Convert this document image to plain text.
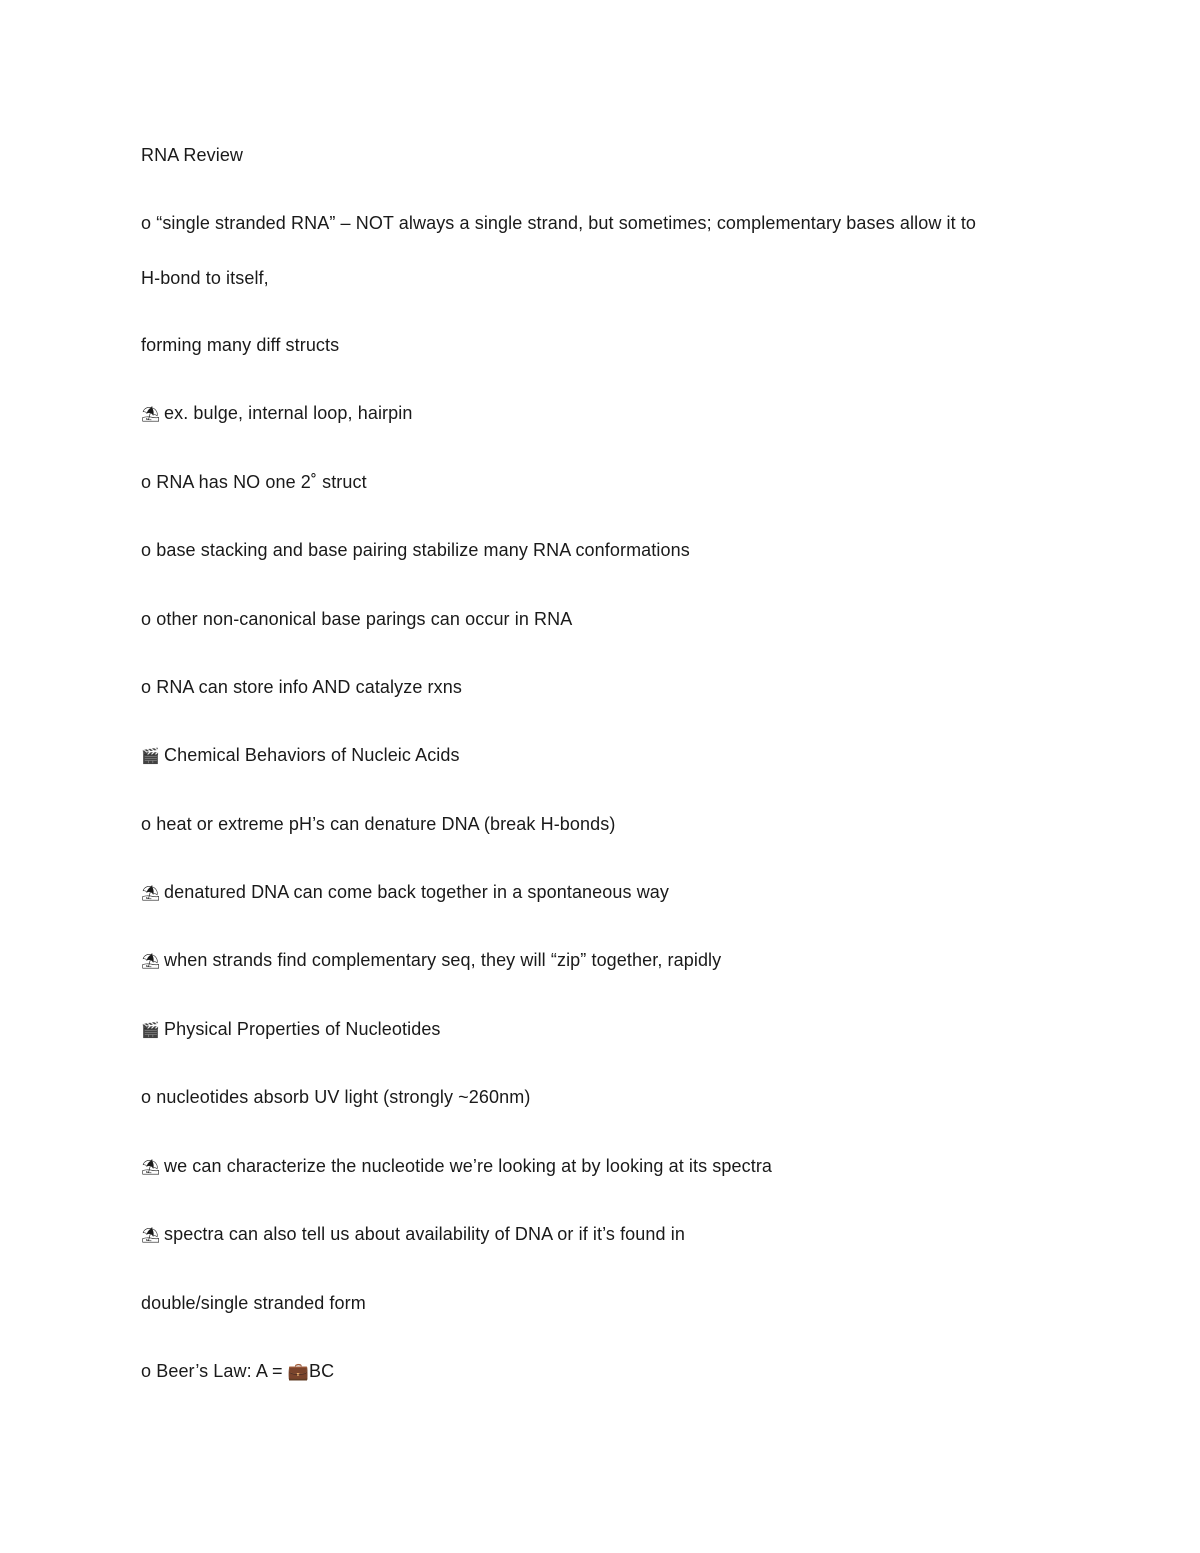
RNA Review
o “single stranded RNA” – NOT always a single strand, but sometimes; complementary bases allow it to
H-bond to itself,
forming many diff structs
⛱ ex. bulge, internal loop, hairpin
o RNA has NO one 2˚ struct
o base stacking and base pairing stabilize many RNA conformations
o other non-canonical base parings can occur in RNA
o RNA can store info AND catalyze rxns
🎬 Chemical Behaviors of Nucleic Acids
o heat or extreme pH’s can denature DNA (break H-bonds)
⛱ denatured DNA can come back together in a spontaneous way
⛱ when strands find complementary seq, they will “zip” together, rapidly
🎬 Physical Properties of Nucleotides
o nucleotides absorb UV light (strongly ~260nm)
⛱ we can characterize the nucleotide we’re looking at by looking at its spectra
⛱ spectra can also tell us about availability of DNA or if it’s found in
double/single stranded form
o Beer’s Law: A = 💼BC
